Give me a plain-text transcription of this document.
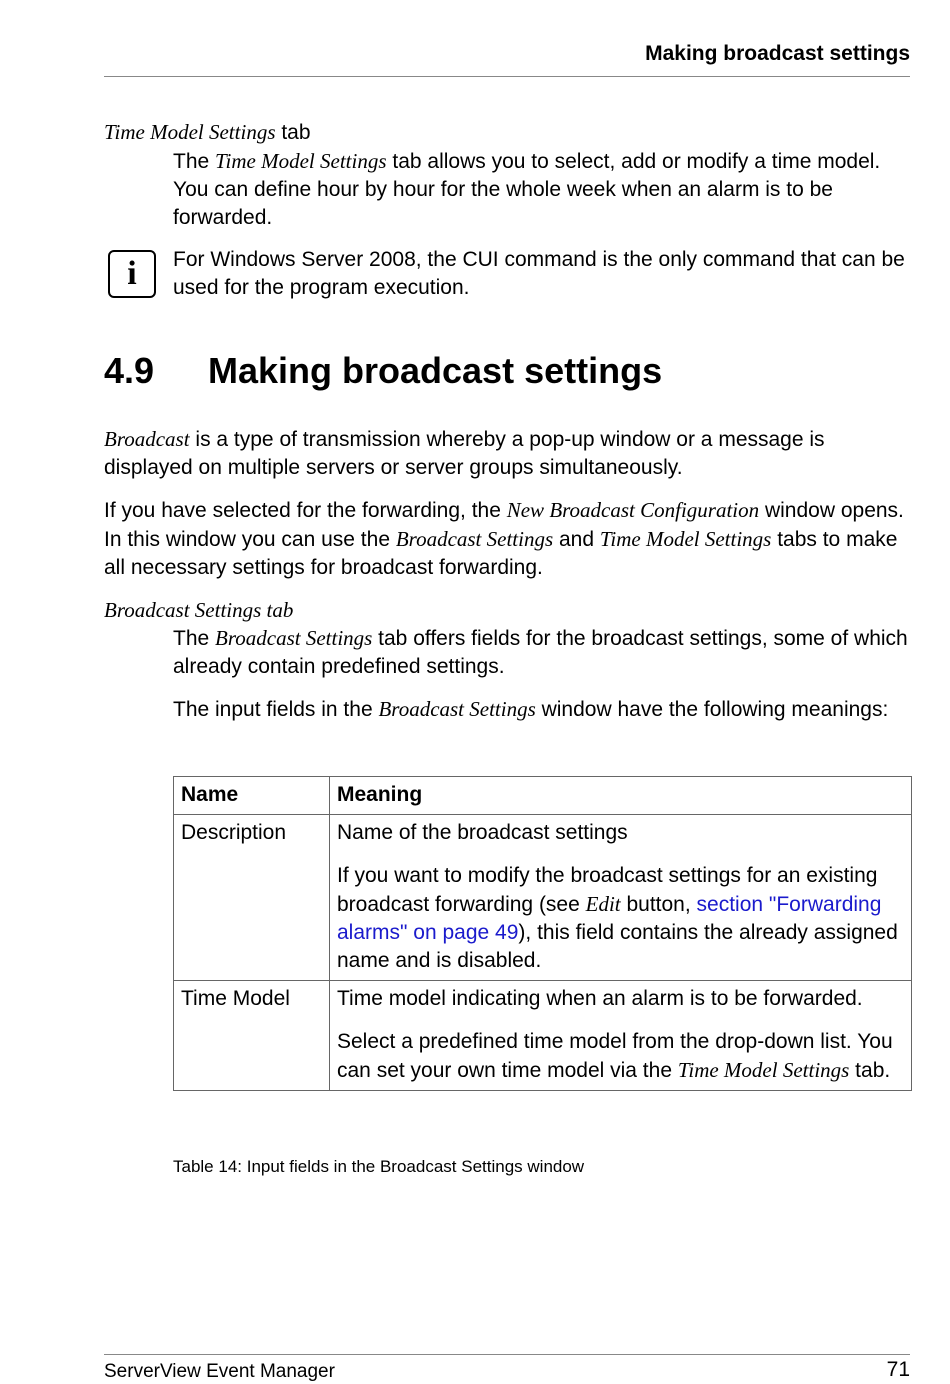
Making broadcast settings
Time Model Settings tab

The Time Model Settings tab allows you to select, add or modify a time model. You can define hour by hour for the whole week when an alarm is to be forwarded.

i For Windows Server 2008, the CUI command is the only command that can be used for the program execution.

4.9 Making broadcast settings

Broadcast is a type of transmission whereby a pop-up window or a message is displayed on multiple servers or server groups simultaneously.

If you have selected for the forwarding, the New Broadcast Configuration window opens. In this window you can use the Broadcast Settings and Time Model Settings tabs to make all necessary settings for broadcast forwarding.

Broadcast Settings tab

The Broadcast Settings tab offers fields for the broadcast settings, some of which already contain predefined settings.

The input fields in the Broadcast Settings window have the following meanings:

Name	Meaning
Description	Name of the broadcast settings

If you want to modify the broadcast settings for an existing broadcast forwarding (see Edit button, section "Forwarding alarms" on page 49), this field contains the already assigned name and is disabled.

Time Model	Time model indicating when an alarm is to be forwarded.

Select a predefined time model from the drop-down list. You can set your own time model via the Time Model Settings tab.

Table 14: Input fields in the Broadcast Settings window
ServerView Event Manager	71
